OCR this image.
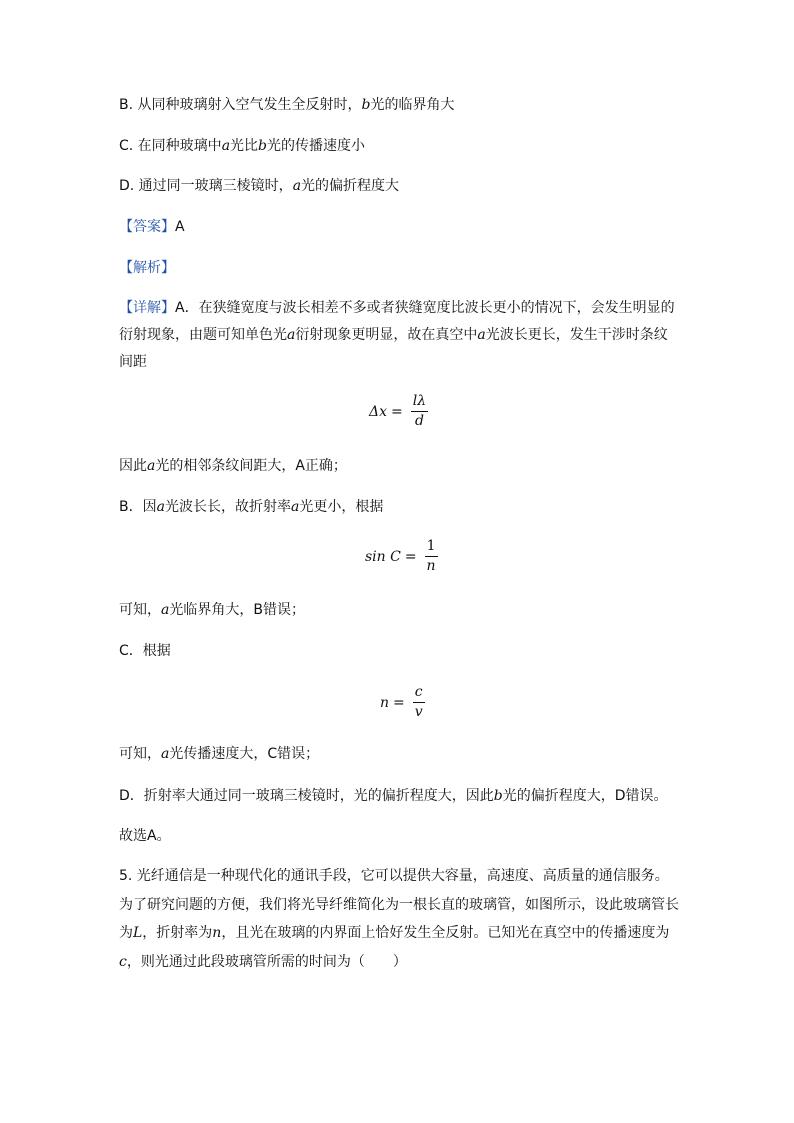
B. 从同种玻璃射入空气发生全反射时，b光的临界角大
C. 在同种玻璃中a光比b光的传播速度小
D. 通过同一玻璃三棱镜时，a光的偏折程度大
【答案】A
【解析】
【详解】A．在狭缝宽度与波长相差不多或者狭缝宽度比波长更小的情况下，会发生明显的衍射现象，由题可知单色光a衍射现象更明显，故在真空中a光波长更长，发生干涉时条纹间距
$\Delta x = \frac{l\lambda}{d}$
因此a光的相邻条纹间距大，A正确；
B．因a光波长长，故折射率a光更小，根据
$\sin C = \frac{1}{n}$
可知，a光临界角大，B错误；
C．根据
$n = \frac{c}{v}$
可知，a光传播速度大，C错误；
D．折射率大通过同一玻璃三棱镜时，光的偏折程度大，因此b光的偏折程度大，D错误。
故选A。
5. 光纤通信是一种现代化的通讯手段，它可以提供大容量，高速度、高质量的通信服务。为了研究问题的方便，我们将光导纤维简化为一根长直的玻璃管，如图所示，设此玻璃管长为L，折射率为n，且光在玻璃的内界面上恰好发生全反射。已知光在真空中的传播速度为c，则光通过此段玻璃管所需的时间为（　　）
